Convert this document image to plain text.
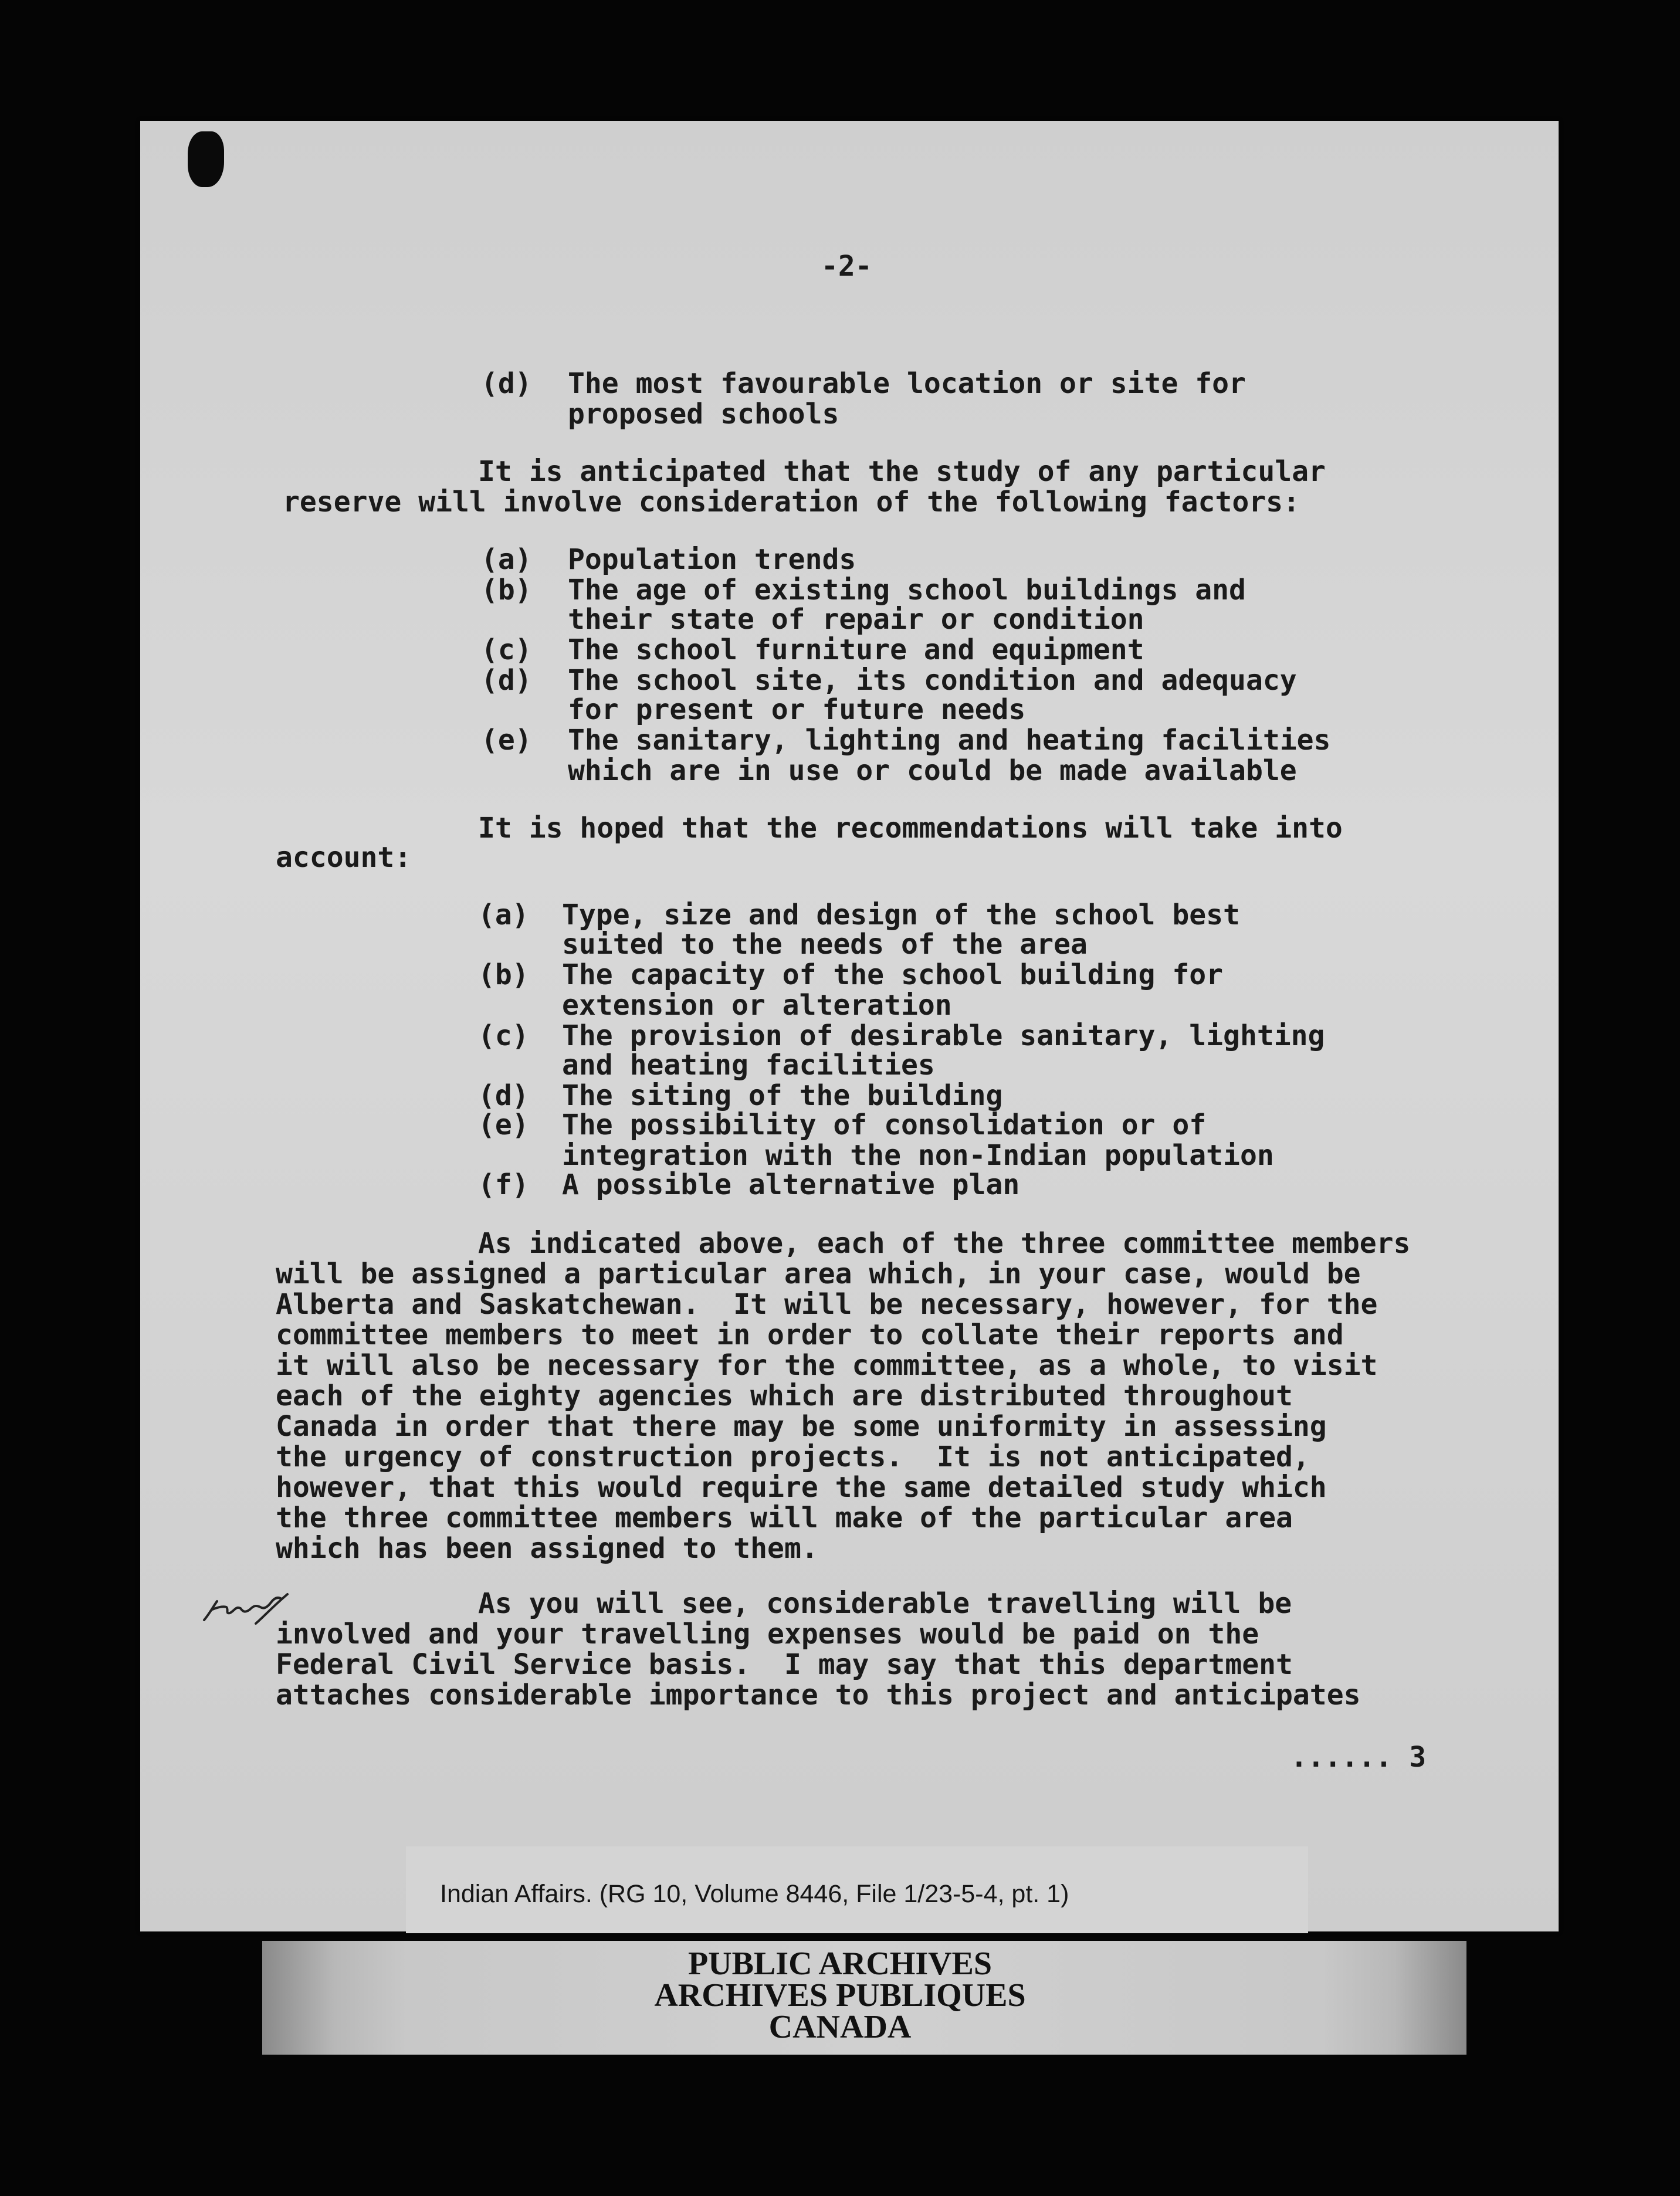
-2-
(d) The most favourable location or site for
proposed schools
It is anticipated that the study of any particular
reserve will involve consideration of the following factors:
(a) Population trends
(b) The age of existing school buildings and
their state of repair or condition
(c) The school furniture and equipment
(d) The school site, its condition and adequacy
for present or future needs
(e) The sanitary, lighting and heating facilities
which are in use or could be made available
It is hoped that the recommendations will take into
account:
(a) Type, size and design of the school best
suited to the needs of the area
(b) The capacity of the school building for
extension or alteration
(c) The provision of desirable sanitary, lighting
and heating facilities
(d) The siting of the building
(e) The possibility of consolidation or of
integration with the non-Indian population
(f) A possible alternative plan
As indicated above, each of the three committee members
will be assigned a particular area which, in your case, would be
Alberta and Saskatchewan.  It will be necessary, however, for the
committee members to meet in order to collate their reports and
it will also be necessary for the committee, as a whole, to visit
each of the eighty agencies which are distributed throughout
Canada in order that there may be some uniformity in assessing
the urgency of construction projects.  It is not anticipated,
however, that this would require the same detailed study which
the three committee members will make of the particular area
which has been assigned to them.
Insert	As you will see, considerable travelling will be
involved and your travelling expenses would be paid on the
Federal Civil Service basis.  I may say that this department
attaches considerable importance to this project and anticipates
...... 3
Indian Affairs. (RG 10, Volume 8446, File 1/23-5-4, pt. 1)
PUBLIC ARCHIVES
ARCHIVES PUBLIQUES
CANADA
